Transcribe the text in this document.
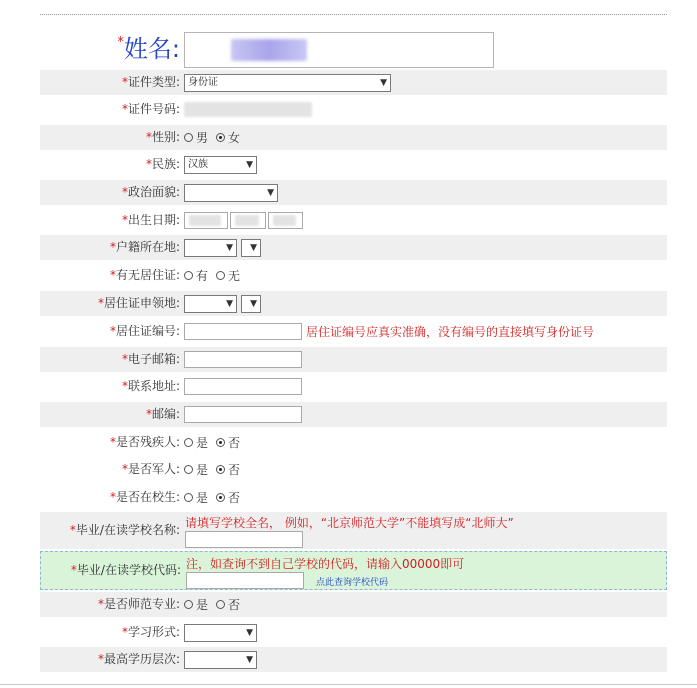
*姓名:
*证件类型: 身份证	▼
*证件号码:
*性别: 男 女
*民族: 汉族	▼
*政治面貌:	▼
*出生日期:
*户籍所在地:	▼ ▼
*有无居住证: 有 无
*居住证申领地:	▼ ▼
*居住证编号:	居住证编号应真实准确，没有编号的直接填写身份证号
*电子邮箱:
*联系地址:
*邮编:
*是否残疾人: 是 否
*是否军人: 是 否
*是否在校生: 是 否
*毕业/在读学校名称: 请填写学校全名， 例如，“北京师范大学”不能填写成“北师大”
*毕业/在读学校代码: 注，如查询不到自己学校的代码，请输入00000即可
点此查询学校代码
*是否师范专业: 是 否
*学习形式:	▼
*最高学历层次:	▼
